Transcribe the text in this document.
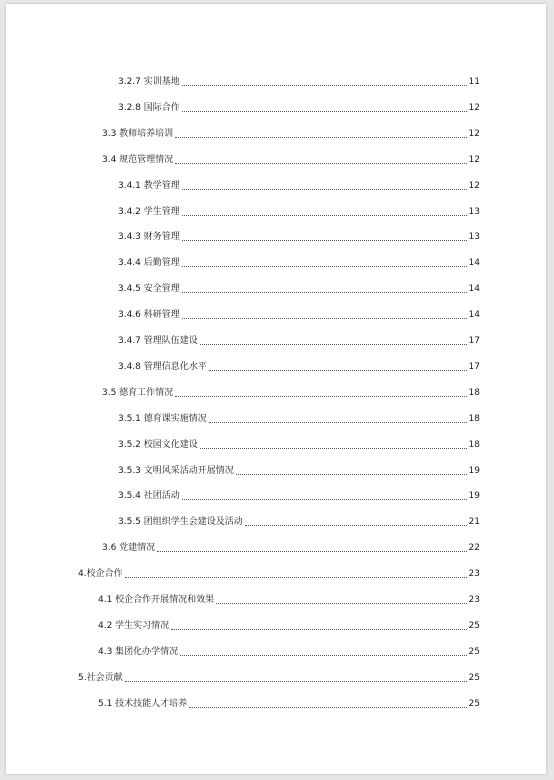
3.2.7 实训基地	11
3.2.8 国际合作	12
3.3 教师培养培训	12
3.4 规范管理情况	12
3.4.1 教学管理	12
3.4.2 学生管理	13
3.4.3 财务管理	13
3.4.4 后勤管理	14
3.4.5 安全管理	14
3.4.6 科研管理	14
3.4.7 管理队伍建设	17
3.4.8 管理信息化水平	17
3.5 德育工作情况	18
3.5.1 德育课实施情况	18
3.5.2 校园文化建设	18
3.5.3 文明风采活动开展情况	19
3.5.4 社团活动	19
3.5.5 团组织学生会建设及活动	21
3.6 党建情况	22
4.校企合作	23
4.1 校企合作开展情况和效果	23
4.2 学生实习情况	25
4.3 集团化办学情况	25
5.社会贡献	25
5.1 技术技能人才培养	25
